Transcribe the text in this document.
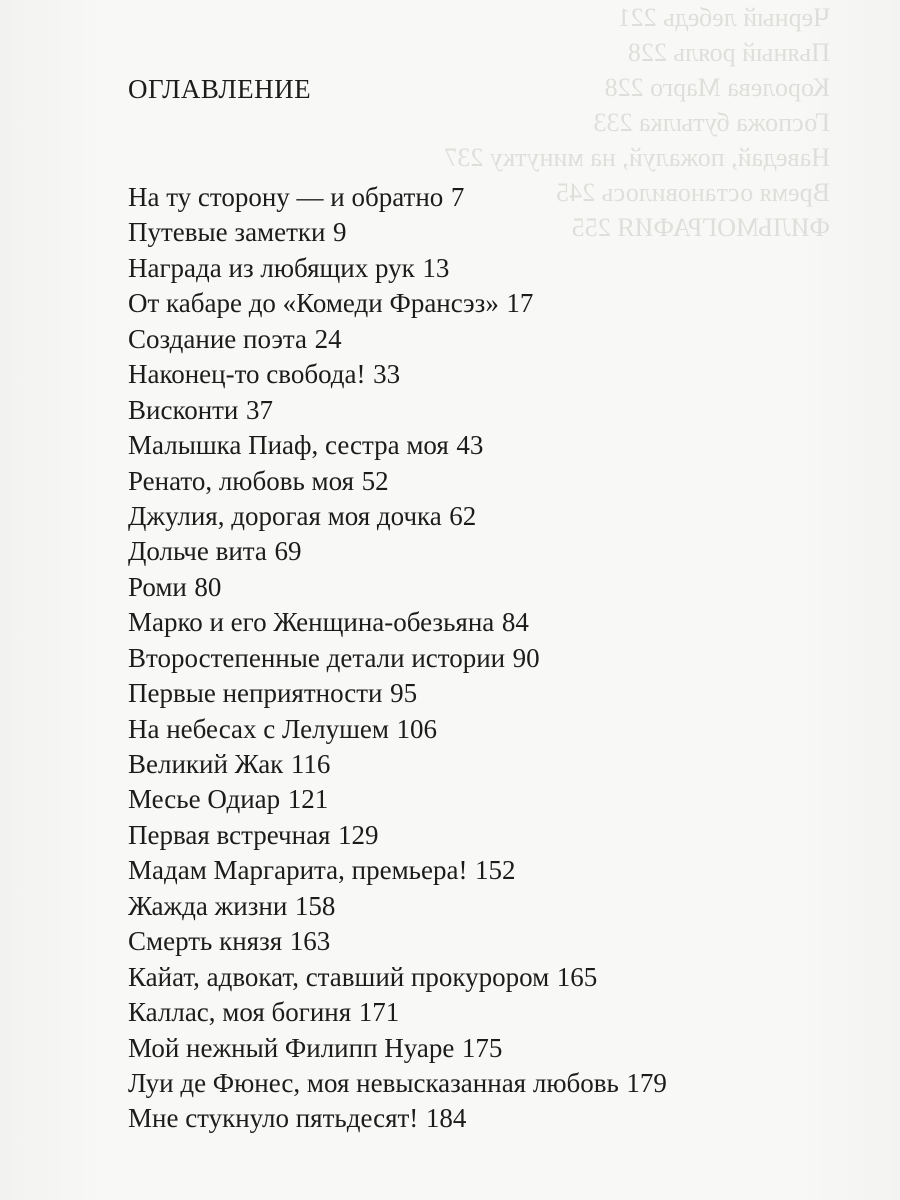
Черный лебедь 221
Пьяный рояль 228
Королева Марго 228
Госпожа бутылка 233
Наведай, пожалуй, на минутку 237
Время остановилось 245
ФИЛЬМОГРАФИЯ 255
ОГЛАВЛЕНИЕ
На ту сторону — и обратно 7
Путевые заметки 9
Награда из любящих рук 13
От кабаре до «Комеди Франсэз» 17
Создание поэта 24
Наконец-то свобода! 33
Висконти 37
Малышка Пиаф, сестра моя 43
Ренато, любовь моя 52
Джулия, дорогая моя дочка 62
Дольче вита 69
Роми 80
Марко и его Женщина-обезьяна 84
Второстепенные детали истории 90
Первые неприятности 95
На небесах с Лелушем 106
Великий Жак 116
Месье Одиар 121
Первая встречная 129
Мадам Маргарита, премьера! 152
Жажда жизни 158
Смерть князя 163
Кайат, адвокат, ставший прокурором 165
Каллас, моя богиня 171
Мой нежный Филипп Нуаре 175
Луи де Фюнес, моя невысказанная любовь 179
Мне стукнуло пятьдесят! 184
